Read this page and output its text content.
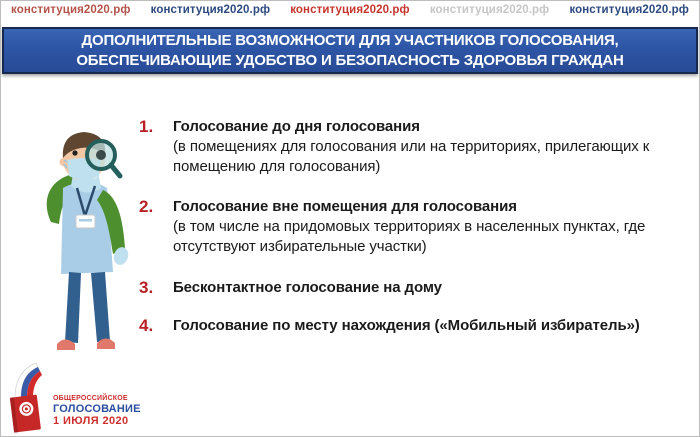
конституция2020.рф конституция2020.рф конституция2020.рф конституция2020.рф конституция2020.рф
ДОПОЛНИТЕЛЬНЫЕ ВОЗМОЖНОСТИ ДЛЯ УЧАСТНИКОВ ГОЛОСОВАНИЯ,
ОБЕСПЕЧИВАЮЩИЕ УДОБСТВО И БЕЗОПАСНОСТЬ ЗДОРОВЬЯ ГРАЖДАН
1.	Голосование до дня голосования
(в помещениях для голосования или на территориях, прилегающих к помещению для голосования)
2.	Голосование вне помещения для голосования
(в том числе на придомовых территориях в населенных пунктах, где отсутствуют избирательные участки)
3.	Бесконтактное голосование на дому
4.	Голосование по месту нахождения («Мобильный избиратель»)
ОБЩЕРОССИЙСКОЕ
ГОЛОСОВАНИЕ
1 ИЮЛЯ 2020
